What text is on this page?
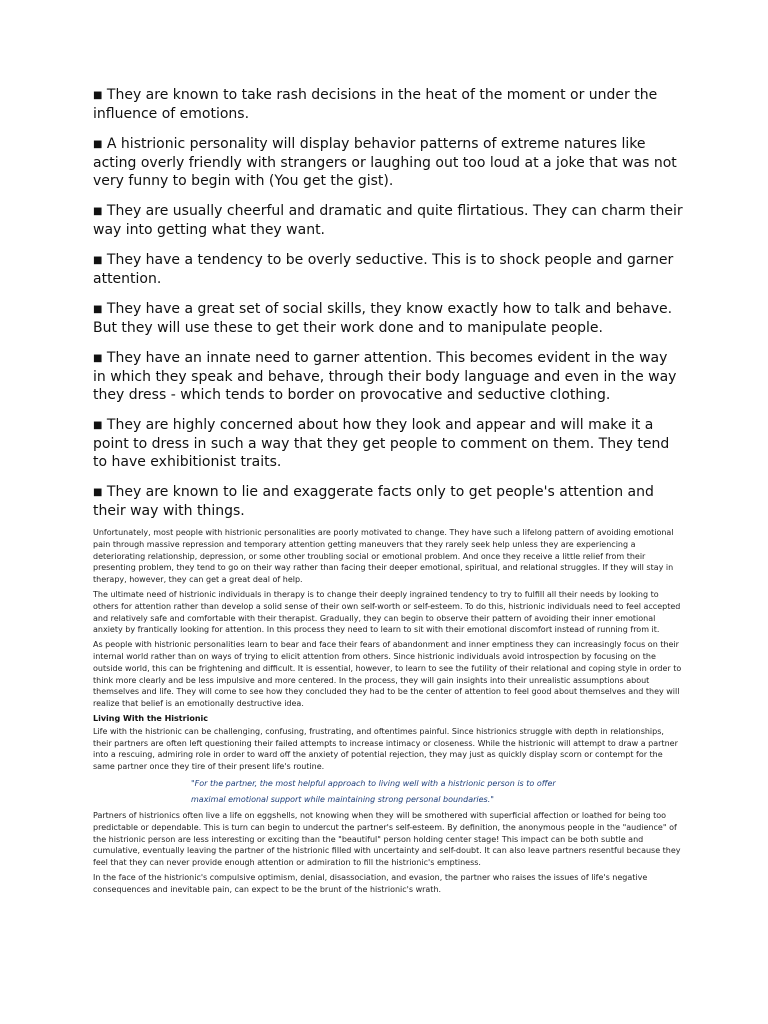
■ They are known to take rash decisions in the heat of the moment or under the influence of emotions.

■ A histrionic personality will display behavior patterns of extreme natures like acting overly friendly with strangers or laughing out too loud at a joke that was not very funny to begin with (You get the gist).

■ They are usually cheerful and dramatic and quite flirtatious. They can charm their way into getting what they want.

■ They have a tendency to be overly seductive. This is to shock people and garner attention.

■ They have a great set of social skills, they know exactly how to talk and behave. But they will use these to get their work done and to manipulate people.

■ They have an innate need to garner attention. This becomes evident in the way in which they speak and behave, through their body language and even in the way they dress - which tends to border on provocative and seductive clothing.

■ They are highly concerned about how they look and appear and will make it a point to dress in such a way that they get people to comment on them. They tend to have exhibitionist traits.

■ They are known to lie and exaggerate facts only to get people's attention and their way with things.

Unfortunately, most people with histrionic personalities are poorly motivated to change. They have such a lifelong pattern of avoiding emotional pain through massive repression and temporary attention getting maneuvers that they rarely seek help unless they are experiencing a deteriorating relationship, depression, or some other troubling social or emotional problem. And once they receive a little relief from their presenting problem, they tend to go on their way rather than facing their deeper emotional, spiritual, and relational struggles. If they will stay in therapy, however, they can get a great deal of help.

The ultimate need of histrionic individuals in therapy is to change their deeply ingrained tendency to try to fulfill all their needs by looking to others for attention rather than develop a solid sense of their own self-worth or self-esteem. To do this, histrionic individuals need to feel accepted and relatively safe and comfortable with their therapist. Gradually, they can begin to observe their pattern of avoiding their inner emotional anxiety by frantically looking for attention. In this process they need to learn to sit with their emotional discomfort instead of running from it.

As people with histrionic personalities learn to bear and face their fears of abandonment and inner emptiness they can increasingly focus on their internal world rather than on ways of trying to elicit attention from others. Since histrionic individuals avoid introspection by focusing on the outside world, this can be frightening and difficult. It is essential, however, to learn to see the futility of their relational and coping style in order to think more clearly and be less impulsive and more centered. In the process, they will gain insights into their unrealistic assumptions about themselves and life. They will come to see how they concluded they had to be the center of attention to feel good about themselves and they will realize that belief is an emotionally destructive idea.

Living With the Histrionic

Life with the histrionic can be challenging, confusing, frustrating, and oftentimes painful. Since histrionics struggle with depth in relationships, their partners are often left questioning their failed attempts to increase intimacy or closeness. While the histrionic will attempt to draw a partner into a rescuing, admiring role in order to ward off the anxiety of potential rejection, they may just as quickly display scorn or contempt for the same partner once they tire of their present life's routine.

"For the partner, the most helpful approach to living well with a histrionic person is to offer maximal emotional support while maintaining strong personal boundaries."

Partners of histrionics often live a life on eggshells, not knowing when they will be smothered with superficial affection or loathed for being too predictable or dependable. This is turn can begin to undercut the partner's self-esteem. By definition, the anonymous people in the "audience" of the histrionic person are less interesting or exciting than the "beautiful" person holding center stage! This impact can be both subtle and cumulative, eventually leaving the partner of the histrionic filled with uncertainty and self-doubt. It can also leave partners resentful because they feel that they can never provide enough attention or admiration to fill the histrionic's emptiness.

In the face of the histrionic's compulsive optimism, denial, disassociation, and evasion, the partner who raises the issues of life's negative consequences and inevitable pain, can expect to be the brunt of the histrionic's wrath.
